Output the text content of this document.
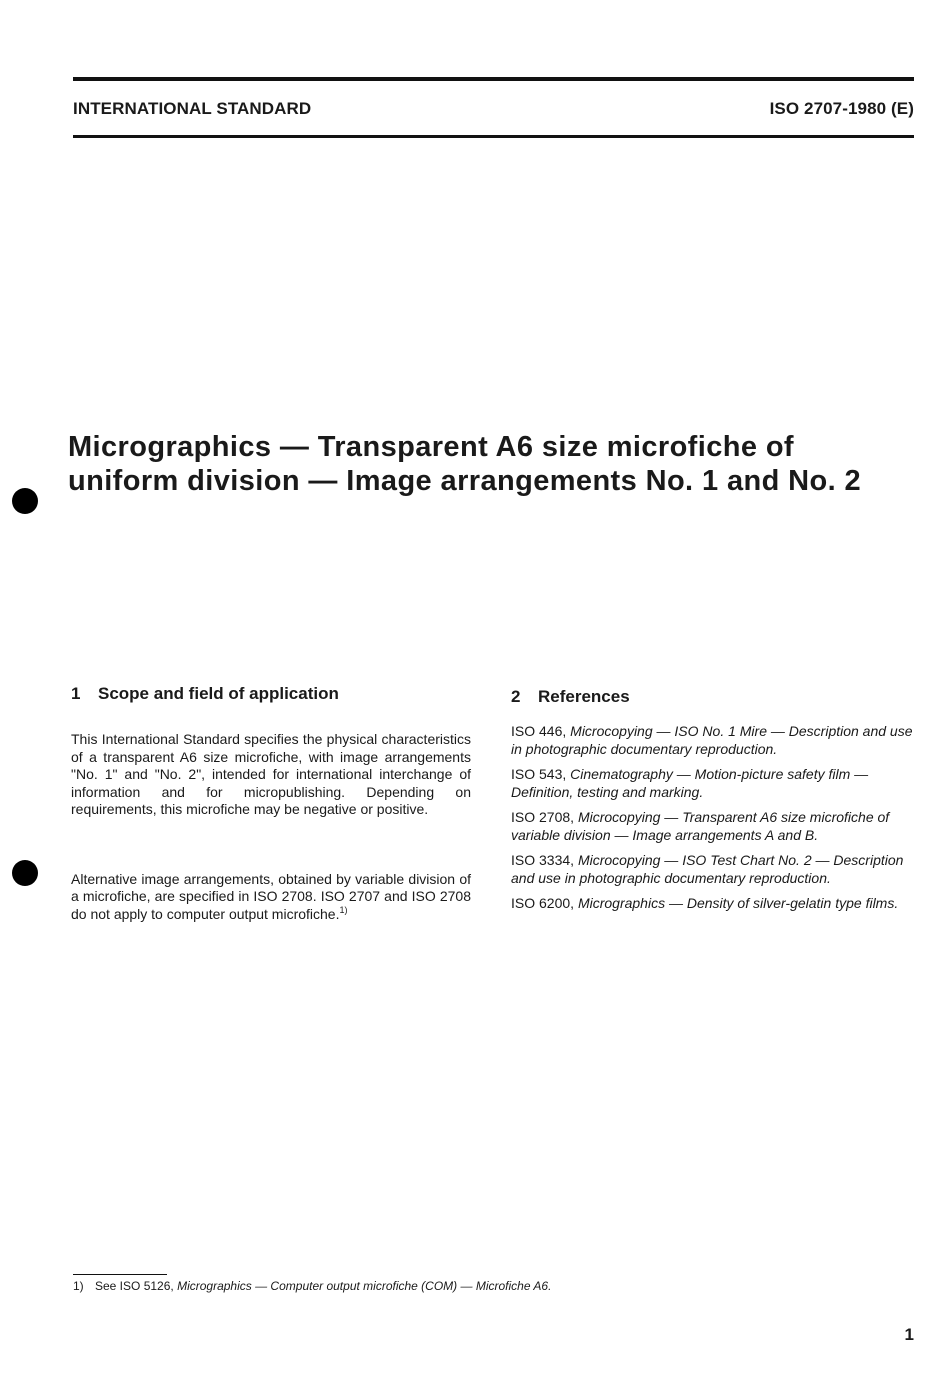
INTERNATIONAL STANDARD	ISO 2707-1980 (E)
Micrographics — Transparent A6 size microfiche of
uniform division — Image arrangements No. 1 and No. 2
1 Scope and field of application

This International Standard specifies the physical characteristics of a transparent A6 size microfiche, with image arrangements "No. 1" and "No. 2", intended for international interchange of information and for micropublishing. Depending on requirements, this microfiche may be negative or positive.

Alternative image arrangements, obtained by variable division of a microfiche, are specified in ISO 2708. ISO 2707 and ISO 2708 do not apply to computer output microfiche.$^{1)}$

2 References

ISO 446, Microcopying — ISO No. 1 Mire — Description and use in photographic documentary reproduction.

ISO 543, Cinematography — Motion-picture safety film — Definition, testing and marking.

ISO 2708, Microcopying — Transparent A6 size microfiche of variable division — Image arrangements A and B.

ISO 3334, Microcopying — ISO Test Chart No. 2 — Description and use in photographic documentary reproduction.

ISO 6200, Micrographics — Density of silver-gelatin type films.

1) See ISO 5126, Micrographics — Computer output microfiche (COM) — Microfiche A6.
1
